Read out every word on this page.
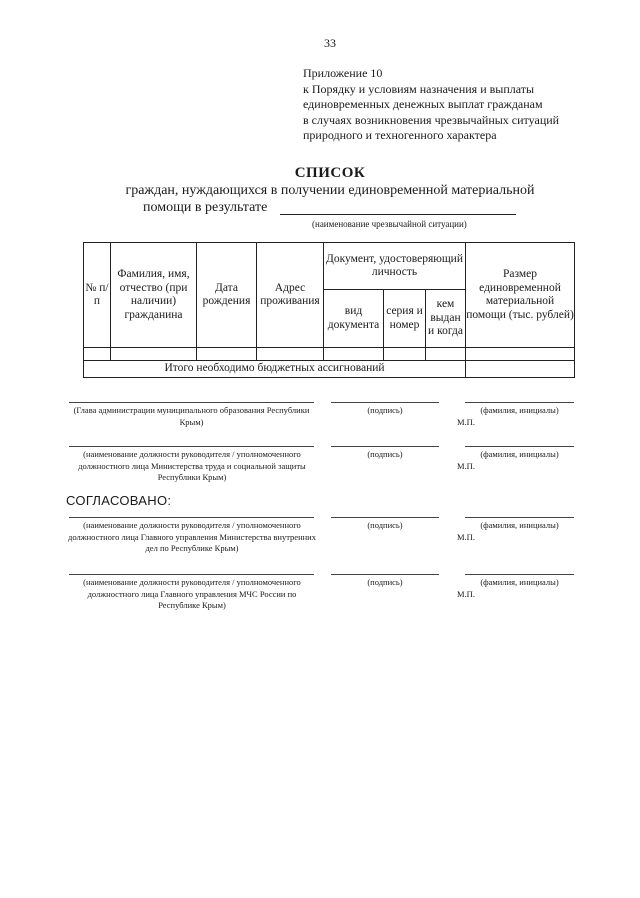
33
Приложение 10
к Порядку и условиям назначения и выплаты
единовременных денежных выплат гражданам
в случаях возникновения чрезвычайных ситуаций
природного и техногенного характера
СПИСОК
граждан, нуждающихся в получении единовременной материальной
помощи в результате
(наименование чрезвычайной ситуации)
№ п/п	Фамилия, имя, отчество (при наличии) гражданина	Дата рождения	Адрес проживания	Документ, удостоверяющий личность			Размер единовременной материальной помощи (тыс. рублей)
				вид документа	серия и номер	кем выдан и когда	

Итого необходимо бюджетных ассигнований							
(Глава администрации муниципального образования Республики Крым)
(подпись)	(фамилия, инициалы)
М.П.
(наименование должности руководителя / уполномоченного должностного лица Министерства труда и социальной защиты Республики Крым)
(подпись)	(фамилия, инициалы)
М.П.
СОГЛАСОВАНО:
(наименование должности руководителя / уполномоченного должностного лица Главного управления Министерства внутренних дел по Республике Крым)
(подпись)	(фамилия, инициалы)
М.П.
(наименование должности руководителя / уполномоченного должностного лица Главного управления МЧС России по Республике Крым)
(подпись)	(фамилия, инициалы)
М.П.
